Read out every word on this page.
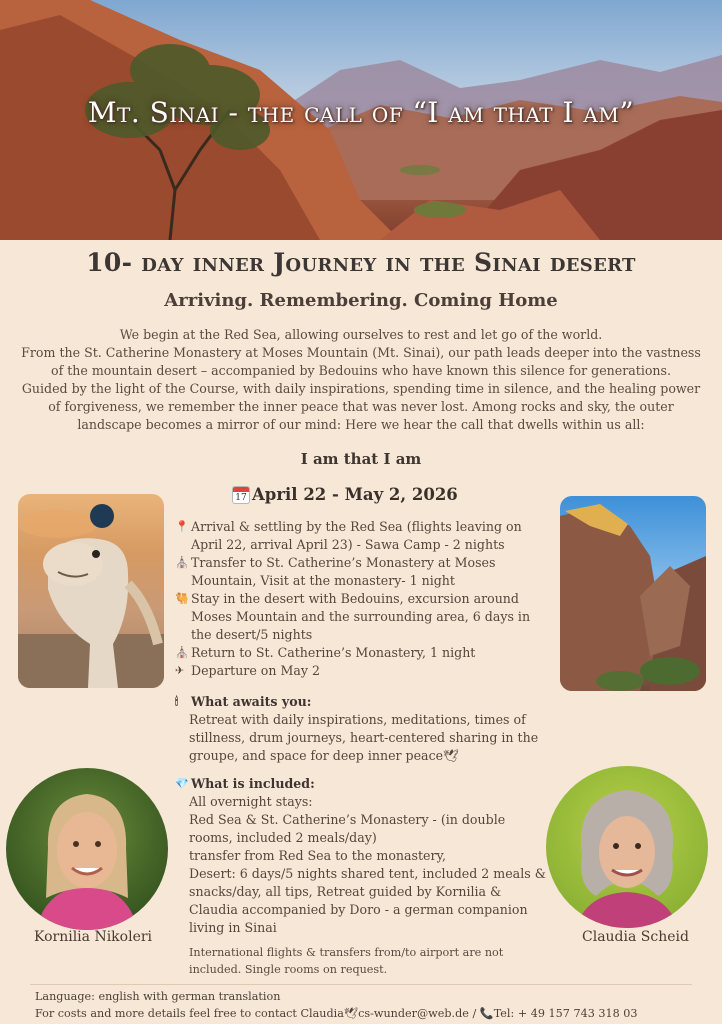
Mt. Sinai - the call of “I am that I am”
10- day inner Journey in the Sinai desert
Arriving. Remembering. Coming Home
We begin at the Red Sea, allowing ourselves to rest and let go of the world.
From the St. Catherine Monastery at Moses Mountain (Mt. Sinai), our path leads deeper into the vastness
of the mountain desert – accompanied by Bedouins who have known this silence for generations.
Guided by the light of the Course, with daily inspirations, spending time in silence, and the healing power
of forgiveness, we remember the inner peace that was never lost. Among rocks and sky, the outer
landscape becomes a mirror of our mind: Here we hear the call that dwells within us all:
I am that I am
17 April 22 - May 2, 2026
📍 Arrival & settling by the Red Sea (flights leaving on April 22, arrival April 23) - Sawa Camp - 2 nights
⛪ Transfer to St. Catherine’s Monastery at Moses Mountain, Visit at the monastery- 1 night
🐫 Stay in the desert with Bedouins, excursion around Moses Mountain and the surrounding area, 6 days in the desert/5 nights
⛪ Return to St. Catherine’s Monastery, 1 night
✈ Departure on May 2
🕯	What awaits you:
Retreat with daily inspirations, meditations, times of stillness, drum journeys, heart-centered sharing in the groupe, and space for deep inner peace🕊
💎 What is included:
All overnight stays:
Red Sea & St. Catherine’s Monastery - (in double rooms, included 2 meals/day)
transfer from Red Sea to the monastery,
Desert: 6 days/5 nights shared tent, included 2 meals & snacks/day, all tips, Retreat guided by Kornilia & Claudia accompanied by Doro - a german companion living in Sinai
International flights & transfers from/to airport are not included. Single rooms on request.
Kornilia Nikoleri	Claudia Scheid
Language: english with german translation
For costs and more details feel free to contact Claudia🕊cs-wunder@web.de / 📞Tel: + 49 157 743 318 03
